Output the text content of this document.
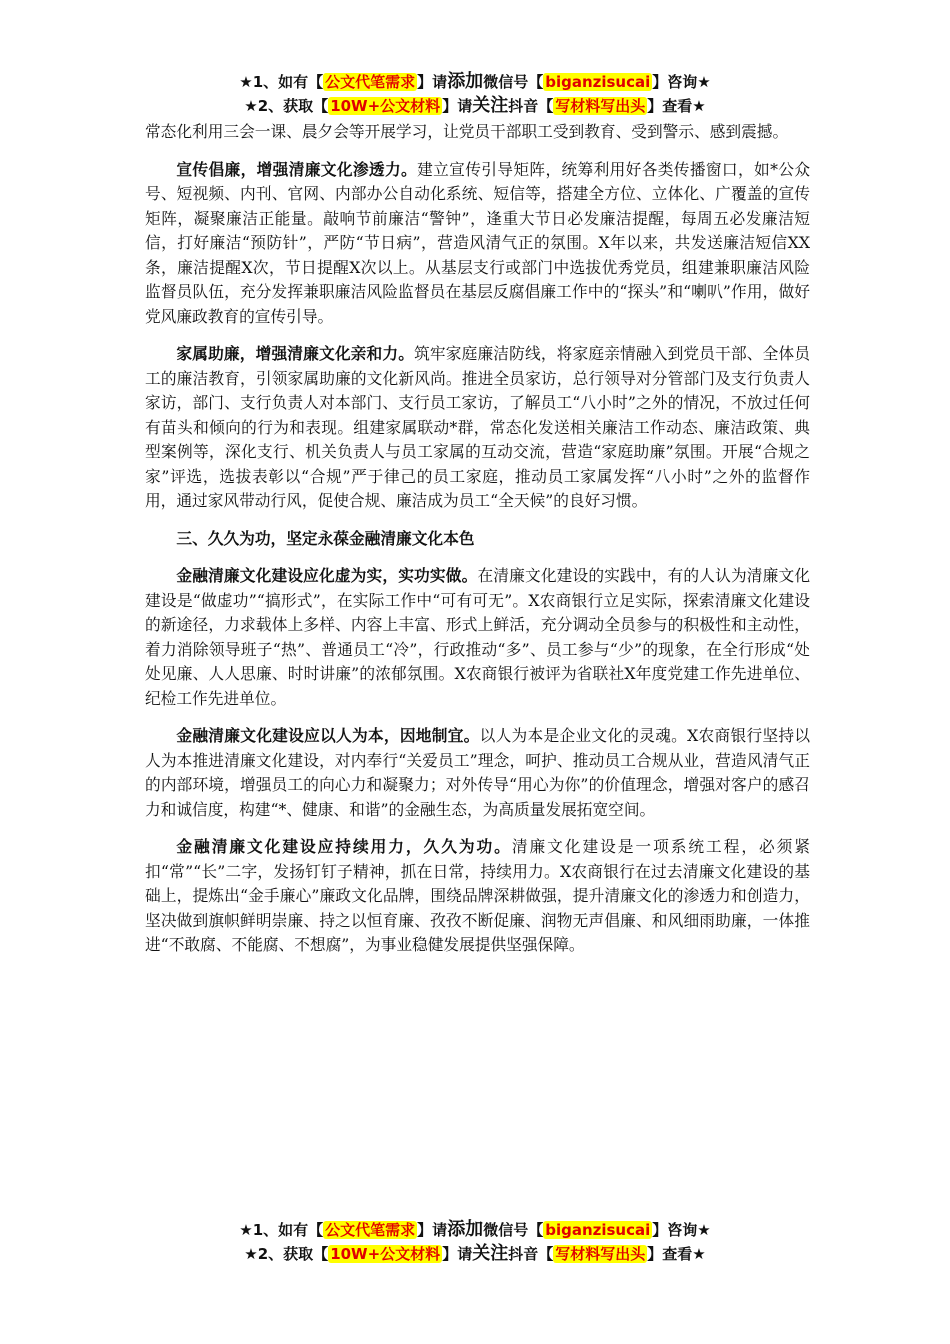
★1、如有【 公文代笔需求 】请添加微信号【 biganzisucai 】咨询★
★2、获取【 10W+公文材料 】请关注抖音【 写材料写出头 】查看★

常态化利用三会一课、晨夕会等开展学习，让党员干部职工受到教育、受到警示、感到震撼。

宣传倡廉，增强清廉文化渗透力。建立宣传引导矩阵，统筹利用好各类传播窗口，如*公众号、短视频、内刊、官网、内部办公自动化系统、短信等，搭建全方位、立体化、广覆盖的宣传矩阵，凝聚廉洁正能量。敲响节前廉洁“警钟”，逢重大节日必发廉洁提醒，每周五必发廉洁短信，打好廉洁“预防针”，严防“节日病”，营造风清气正的氛围。X年以来，共发送廉洁短信XX条，廉洁提醒X次，节日提醒X次以上。从基层支行或部门中选拔优秀党员，组建兼职廉洁风险监督员队伍，充分发挥兼职廉洁风险监督员在基层反腐倡廉工作中的“探头”和“喇叭”作用，做好党风廉政教育的宣传引导。

家属助廉，增强清廉文化亲和力。筑牢家庭廉洁防线，将家庭亲情融入到党员干部、全体员工的廉洁教育，引领家属助廉的文化新风尚。推进全员家访，总行领导对分管部门及支行负责人家访，部门、支行负责人对本部门、支行员工家访，了解员工“八小时”之外的情况，不放过任何有苗头和倾向的行为和表现。组建家属联动*群，常态化发送相关廉洁工作动态、廉洁政策、典型案例等，深化支行、机关负责人与员工家属的互动交流，营造“家庭助廉”氛围。开展“合规之家”评选，选拔表彰以“合规”严于律己的员工家庭，推动员工家属发挥“八小时”之外的监督作用，通过家风带动行风，促使合规、廉洁成为员工“全天候”的良好习惯。

三、久久为功，坚定永葆金融清廉文化本色

金融清廉文化建设应化虚为实，实功实做。在清廉文化建设的实践中，有的人认为清廉文化建设是“做虚功”“搞形式”，在实际工作中“可有可无”。X农商银行立足实际，探索清廉文化建设的新途径，力求载体上多样、内容上丰富、形式上鲜活，充分调动全员参与的积极性和主动性，着力消除领导班子“热”、普通员工“冷”，行政推动“多”、员工参与“少”的现象，在全行形成“处处见廉、人人思廉、时时讲廉”的浓郁氛围。X农商银行被评为省联社X年度党建工作先进单位、纪检工作先进单位。

金融清廉文化建设应以人为本，因地制宜。以人为本是企业文化的灵魂。X农商银行坚持以人为本推进清廉文化建设，对内奉行“关爱员工”理念，呵护、推动员工合规从业，营造风清气正的内部环境，增强员工的向心力和凝聚力；对外传导“用心为你”的价值理念，增强对客户的感召力和诚信度，构建“*、健康、和谐”的金融生态，为高质量发展拓宽空间。

金融清廉文化建设应持续用力，久久为功。清廉文化建设是一项系统工程，必须紧扣“常”“长”二字，发扬钉钉子精神，抓在日常，持续用力。X农商银行在过去清廉文化建设的基础上，提炼出“金手廉心”廉政文化品牌，围绕品牌深耕做强，提升清廉文化的渗透力和创造力，坚决做到旗帜鲜明崇廉、持之以恒育廉、孜孜不断促廉、润物无声倡廉、和风细雨助廉，一体推进“不敢腐、不能腐、不想腐”，为事业稳健发展提供坚强保障。

★1、如有【 公文代笔需求 】请添加微信号【 biganzisucai 】咨询★
★2、获取【 10W+公文材料 】请关注抖音【 写材料写出头 】查看★
